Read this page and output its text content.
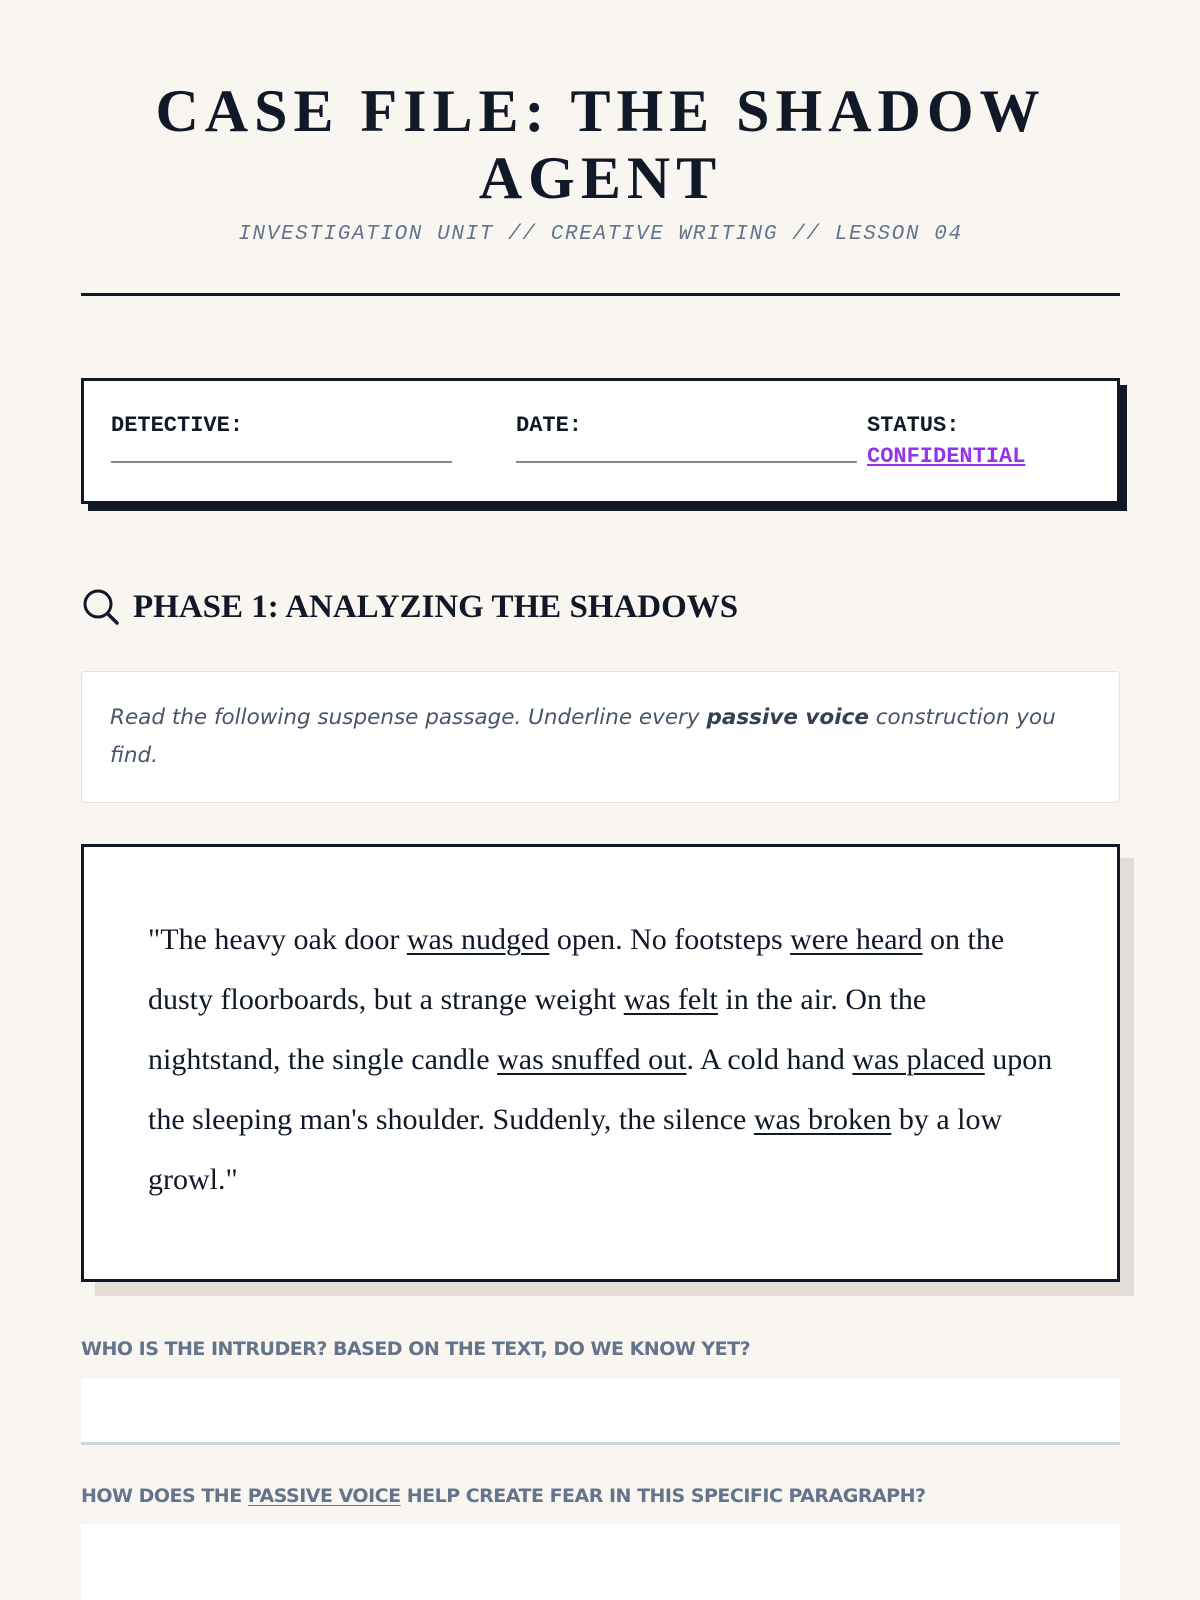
CASE FILE: THE SHADOW AGENT
INVESTIGATION UNIT // CREATIVE WRITING // LESSON 04
DETECTIVE:
___________________________
DATE:
___________________________
STATUS:
CONFIDENTIAL
PHASE 1: ANALYZING THE SHADOWS
Read the following suspense passage. Underline every passive voice construction you find.
"The heavy oak door was nudged open. No footsteps were heard on the dusty floorboards, but a strange weight was felt in the air. On the nightstand, the single candle was snuffed out. A cold hand was placed upon the sleeping man's shoulder. Suddenly, the silence was broken by a low growl."
WHO IS THE INTRUDER? BASED ON THE TEXT, DO WE KNOW YET?
HOW DOES THE PASSIVE VOICE HELP CREATE FEAR IN THIS SPECIFIC PARAGRAPH?
